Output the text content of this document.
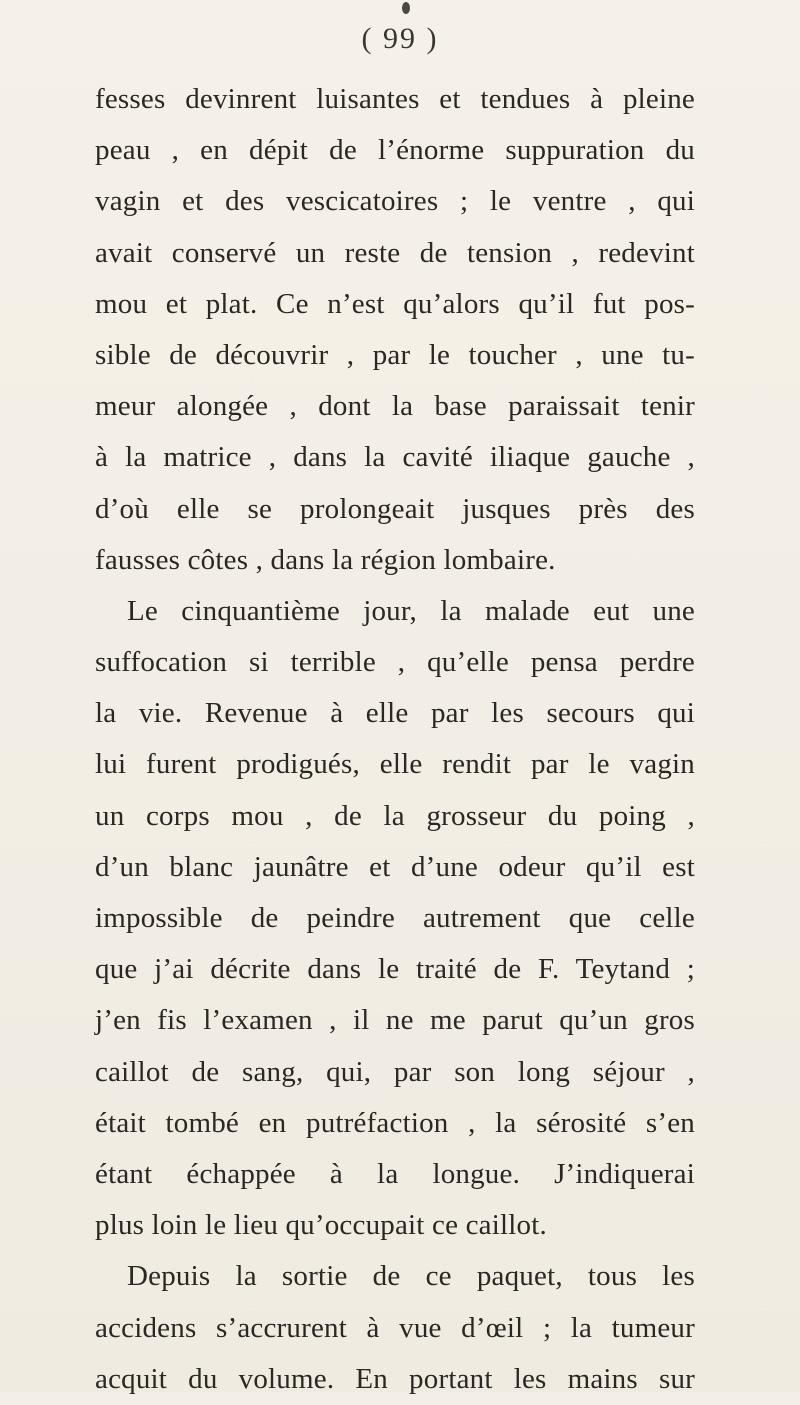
( 99 )
fesses devinrent luisantes et tendues à pleine
peau , en dépit de l’énorme suppuration du
vagin et des vescicatoires ; le ventre , qui
avait conservé un reste de tension , redevint
mou et plat. Ce n’est qu’alors qu’il fut pos-
sible de découvrir , par le toucher , une tu-
meur alongée , dont la base paraissait tenir
à la matrice , dans la cavité iliaque gauche ,
d’où elle se prolongeait jusques près des
fausses côtes , dans la région lombaire.
Le cinquantième jour, la malade eut une
suffocation si terrible , qu’elle pensa perdre
la vie. Revenue à elle par les secours qui
lui furent prodigués, elle rendit par le vagin
un corps mou , de la grosseur du poing ,
d’un blanc jaunâtre et d’une odeur qu’il est
impossible de peindre autrement que celle
que j’ai décrite dans le traité de F. Teytand ;
j’en fis l’examen , il ne me parut qu’un gros
caillot de sang, qui, par son long séjour ,
était tombé en putréfaction , la sérosité s’en
étant échappée à la longue. J’indiquerai
plus loin le lieu qu’occupait ce caillot.
Depuis la sortie de ce paquet, tous les
accidens s’accrurent à vue d’œil ; la tumeur
acquit du volume. En portant les mains sur
